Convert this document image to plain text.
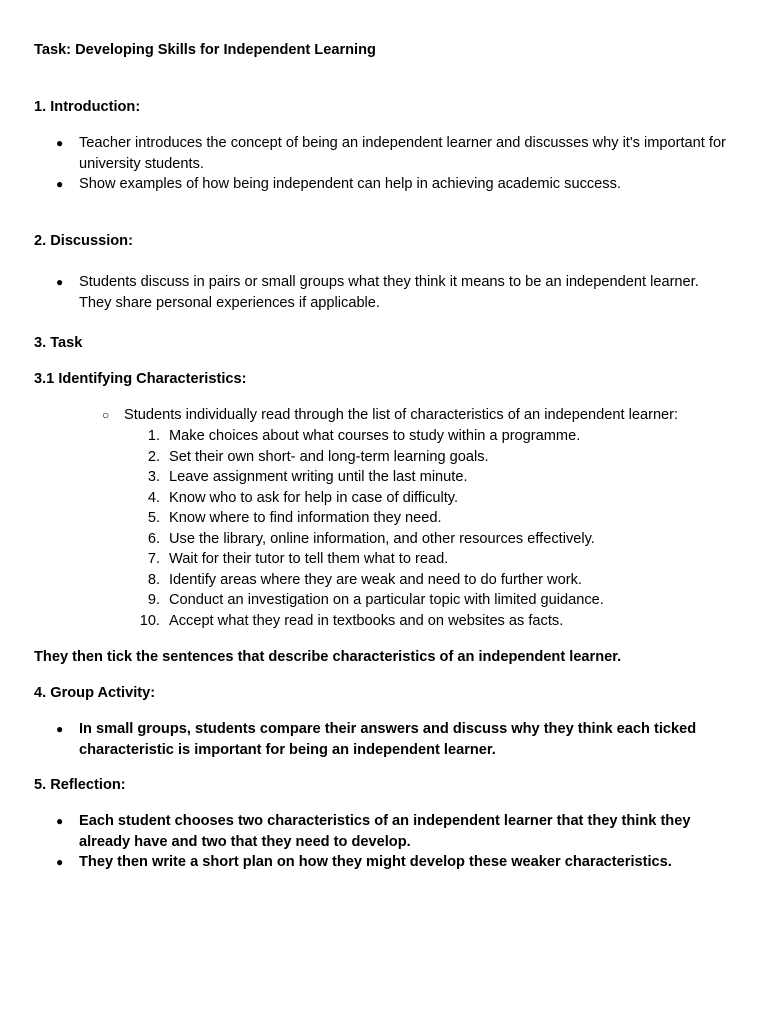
Task: Developing Skills for Independent Learning
1. Introduction:
● Teacher introduces the concept of being an independent learner and discusses why it's important for university students.
● Show examples of how being independent can help in achieving academic success.
2. Discussion:
● Students discuss in pairs or small groups what they think it means to be an independent learner. They share personal experiences if applicable.
3. Task
3.1 Identifying Characteristics:
○ Students individually read through the list of characteristics of an independent learner:
1. Make choices about what courses to study within a programme.
2. Set their own short- and long-term learning goals.
3. Leave assignment writing until the last minute.
4. Know who to ask for help in case of difficulty.
5. Know where to find information they need.
6. Use the library, online information, and other resources effectively.
7. Wait for their tutor to tell them what to read.
8. Identify areas where they are weak and need to do further work.
9. Conduct an investigation on a particular topic with limited guidance.
10. Accept what they read in textbooks and on websites as facts.
They then tick the sentences that describe characteristics of an independent learner.
4. Group Activity:
● In small groups, students compare their answers and discuss why they think each ticked characteristic is important for being an independent learner.
5. Reflection:
● Each student chooses two characteristics of an independent learner that they think they already have and two that they need to develop.
● They then write a short plan on how they might develop these weaker characteristics.
